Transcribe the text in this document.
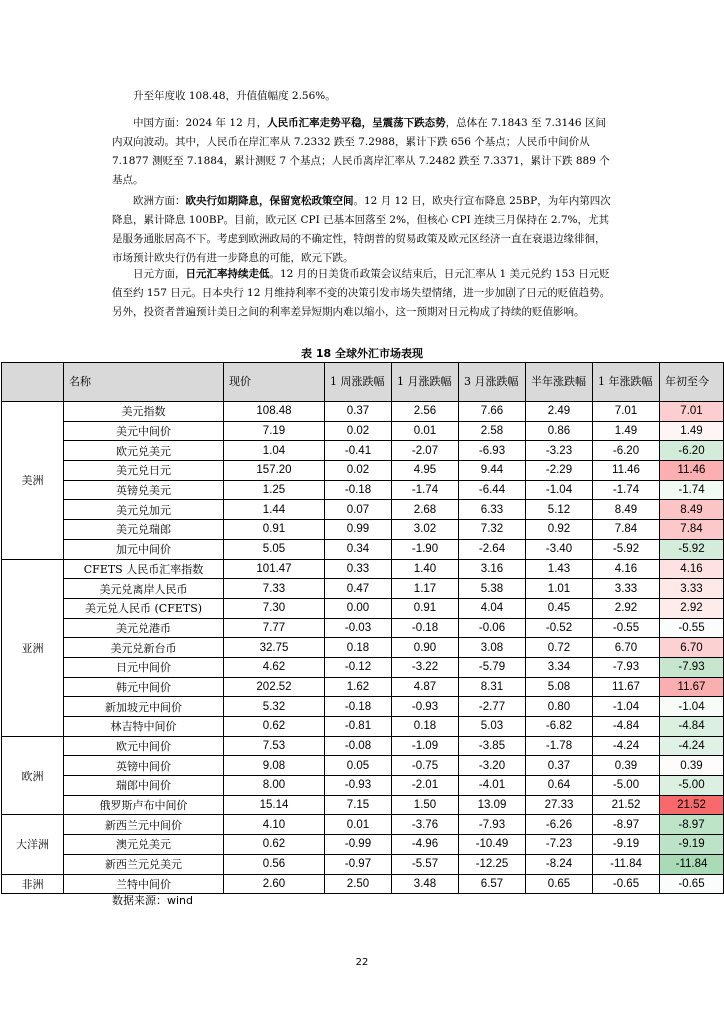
升至年度收 108.48，升值值幅度 2.56%。

中国方面：2024 年 12 月，人民币汇率走势平稳，呈震荡下跌态势，总体在 7.1843 至 7.3146 区间内双向波动。其中，人民币在岸汇率从 7.2332 跌至 7.2988，累计下跌 656 个基点；人民币中间价从 7.1877 测贬至 7.1884，累计测贬 7 个基点；人民币离岸汇率从 7.2482 跌至 7.3371，累计下跌 889 个基点。

欧洲方面：欧央行如期降息，保留宽松政策空间。12 月 12 日，欧央行宣布降息 25BP，为年内第四次降息，累计降息 100BP。目前，欧元区 CPI 已基本回落至 2%，但核心 CPI 连续三月保持在 2.7%，尤其是服务通胀居高不下。考虑到欧洲政局的不确定性，特朗普的贸易政策及欧元区经济一直在衰退边缘徘徊，市场预计欧央行仍有进一步降息的可能，欧元下跌。

日元方面，日元汇率持续走低。12 月的日美货币政策会议结束后，日元汇率从 1 美元兑约 153 日元贬值至约 157 日元。日本央行 12 月维持利率不变的决策引发市场失望情绪，进一步加剧了日元的贬值趋势。另外，投资者普遍预计美日之间的利率差异短期内难以缩小，这一预期对日元构成了持续的贬值影响。

表 18 全球外汇市场表现
	名称	现价	1 周涨跌幅	1 月涨跌幅	3 月涨跌幅	半年涨跌幅	1 年涨跌幅	年初至今
美洲	美元指数	108.48	0.37	2.56	7.66	2.49	7.01	7.01
	美元中间价	7.19	0.02	0.01	2.58	0.86	1.49	1.49
	欧元兑美元	1.04	-0.41	-2.07	-6.93	-3.23	-6.20	-6.20
	美元兑日元	157.20	0.02	4.95	9.44	-2.29	11.46	11.46
	英镑兑美元	1.25	-0.18	-1.74	-6.44	-1.04	-1.74	-1.74
	美元兑加元	1.44	0.07	2.68	6.33	5.12	8.49	8.49
	美元兑瑞郎	0.91	0.99	3.02	7.32	0.92	7.84	7.84
	加元中间价	5.05	0.34	-1.90	-2.64	-3.40	-5.92	-5.92
亚洲	CFETS 人民币汇率指数	101.47	0.33	1.40	3.16	1.43	4.16	4.16
	美元兑离岸人民币	7.33	0.47	1.17	5.38	1.01	3.33	3.33
	美元兑人民币 (CFETS)	7.30	0.00	0.91	4.04	0.45	2.92	2.92
	美元兑港币	7.77	-0.03	-0.18	-0.06	-0.52	-0.55	-0.55
	美元兑新台币	32.75	0.18	0.90	3.08	0.72	6.70	6.70
	日元中间价	4.62	-0.12	-3.22	-5.79	3.34	-7.93	-7.93
	韩元中间价	202.52	1.62	4.87	8.31	5.08	11.67	11.67
	新加坡元中间价	5.32	-0.18	-0.93	-2.77	0.80	-1.04	-1.04
	林吉特中间价	0.62	-0.81	0.18	5.03	-6.82	-4.84	-4.84
欧洲	欧元中间价	7.53	-0.08	-1.09	-3.85	-1.78	-4.24	-4.24
	英镑中间价	9.08	0.05	-0.75	-3.20	0.37	0.39	0.39
	瑞郎中间价	8.00	-0.93	-2.01	-4.01	0.64	-5.00	-5.00
	俄罗斯卢布中间价	15.14	7.15	1.50	13.09	27.33	21.52	21.52
大洋洲	新西兰元中间价	4.10	0.01	-3.76	-7.93	-6.26	-8.97	-8.97
	澳元兑美元	0.62	-0.99	-4.96	-10.49	-7.23	-9.19	-9.19
	新西兰元兑美元	0.56	-0.97	-5.57	-12.25	-8.24	-11.84	-11.84
非洲	兰特中间价	2.60	2.50	3.48	6.57	0.65	-0.65	-0.65
数据来源：wind
22
